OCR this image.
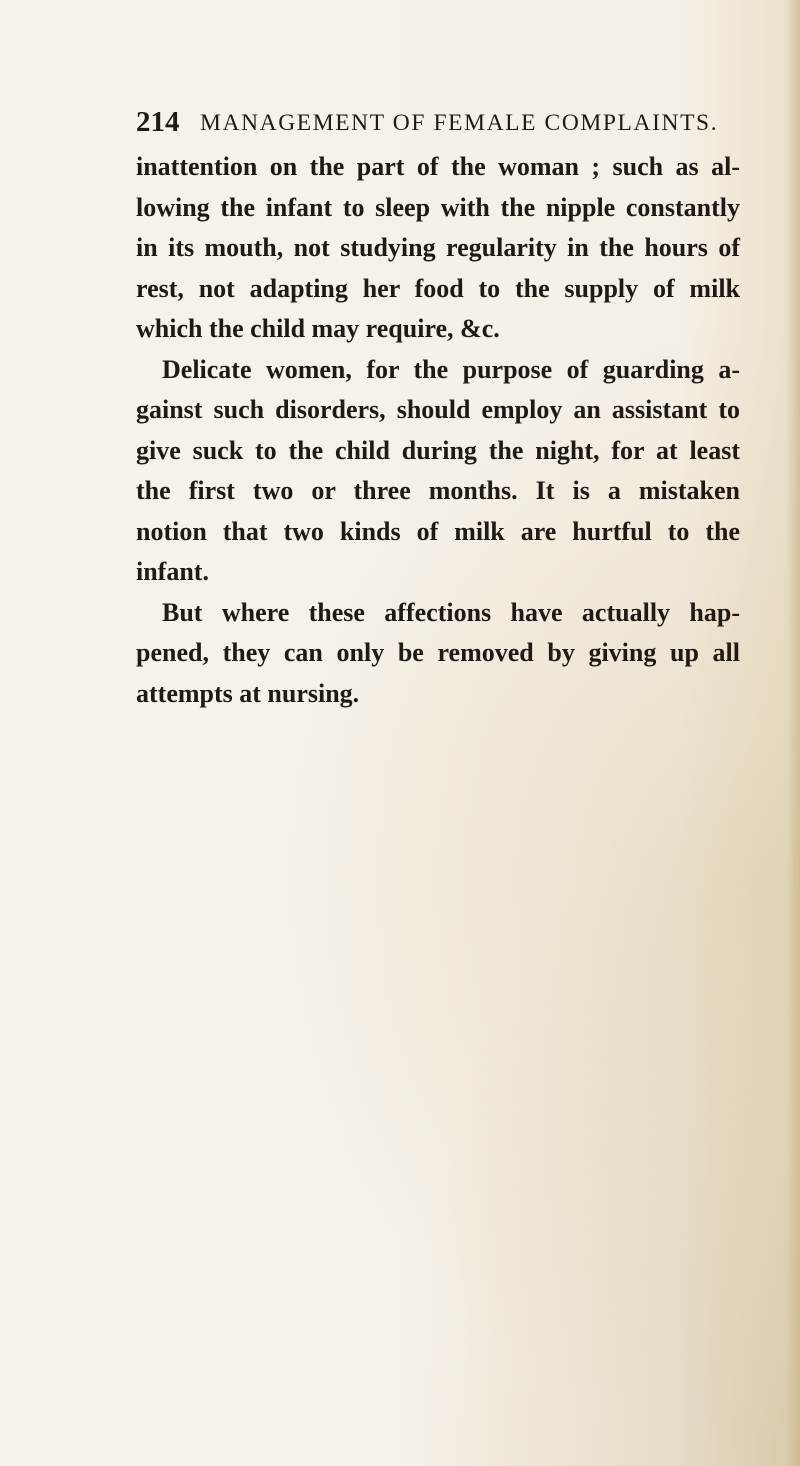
214 MANAGEMENT OF FEMALE COMPLAINTS.
inattention on the part of the woman ; such as al-
lowing the infant to sleep with the nipple constantly
in its mouth, not studying regularity in the hours of
rest, not adapting her food to the supply of milk
which the child may require, &c.
Delicate women, for the purpose of guarding a-
gainst such disorders, should employ an assistant to
give suck to the child during the night, for at least
the first two or three months. It is a mistaken
notion that two kinds of milk are hurtful to the
infant.
But where these affections have actually hap-
pened, they can only be removed by giving up all
attempts at nursing.
